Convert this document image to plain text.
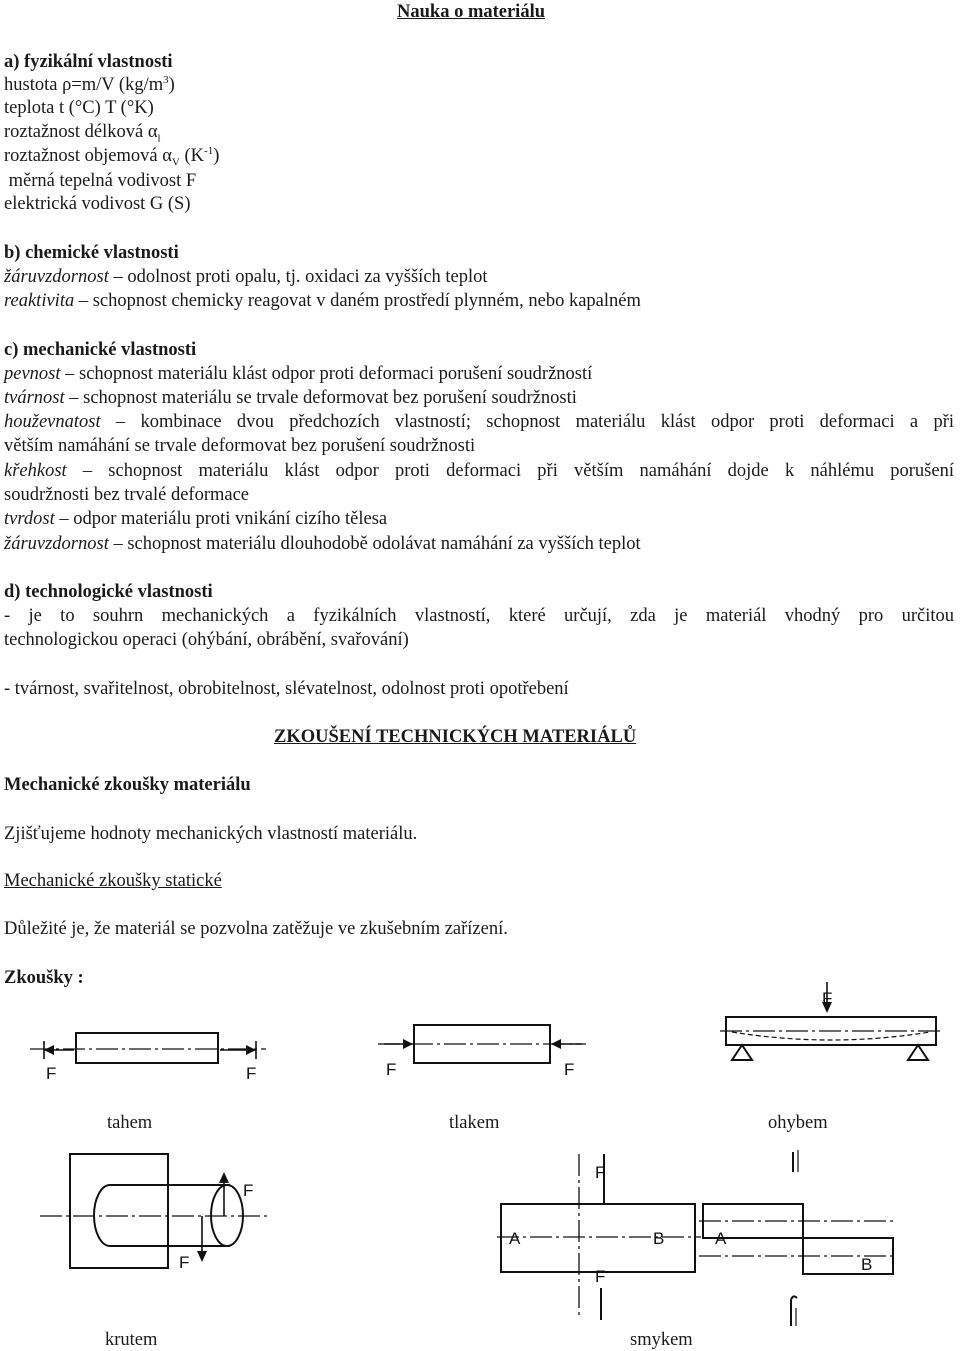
Nauka o materiálu
a) fyzikální vlastnosti
hustota ρ=m/V $(kg/m^3)$
teplota t (°C) T (°K)
roztažnost délková $\alpha_l$
roztažnost objemová $\alpha_V$ $(K^{-1})$
měrná tepelná vodivost F
elektrická vodivost G (S)
b) chemické vlastnosti
žáruvzdornost – odolnost proti opalu, tj. oxidaci za vyšších teplot
reaktivita – schopnost chemicky reagovat v daném prostředí plynném, nebo kapalném
c) mechanické vlastnosti
pevnost – schopnost materiálu klást odpor proti deformaci porušení soudržností
tvárnost – schopnost materiálu se trvale deformovat bez porušení soudržnosti
houževnatost – kombinace dvou předchozích vlastností; schopnost materiálu klást odpor proti deformaci a při
větším namáhání se trvale deformovat bez porušení soudržnosti
křehkost – schopnost materiálu klást odpor proti deformaci při větším namáhání dojde k náhlému porušení
soudržnosti bez trvalé deformace
tvrdost – odpor materiálu proti vnikání cizího tělesa
žáruvzdornost – schopnost materiálu dlouhodobě odolávat namáhání za vyšších teplot
d) technologické vlastnosti
- je to souhrn mechanických a fyzikálních vlastností, které určují, zda je materiál vhodný pro určitou
technologickou operaci (ohýbání, obrábění, svařování)
- tvárnost, svařitelnost, obrobitelnost, slévatelnost, odolnost proti opotřebení
ZKOUŠENÍ TECHNICKÝCH MATERIÁLŮ
Mechanické zkoušky materiálu
Zjišťujeme hodnoty mechanických vlastností materiálu.
Mechanické zkoušky statické
Důležité je, že materiál se pozvolna zatěžuje ve zkušebním zařízení.
Zkoušky :
F	F
tahem
F	F
tlakem
F
ohybem
F
F
krutem
F
F
A	B	A
B
smykem
